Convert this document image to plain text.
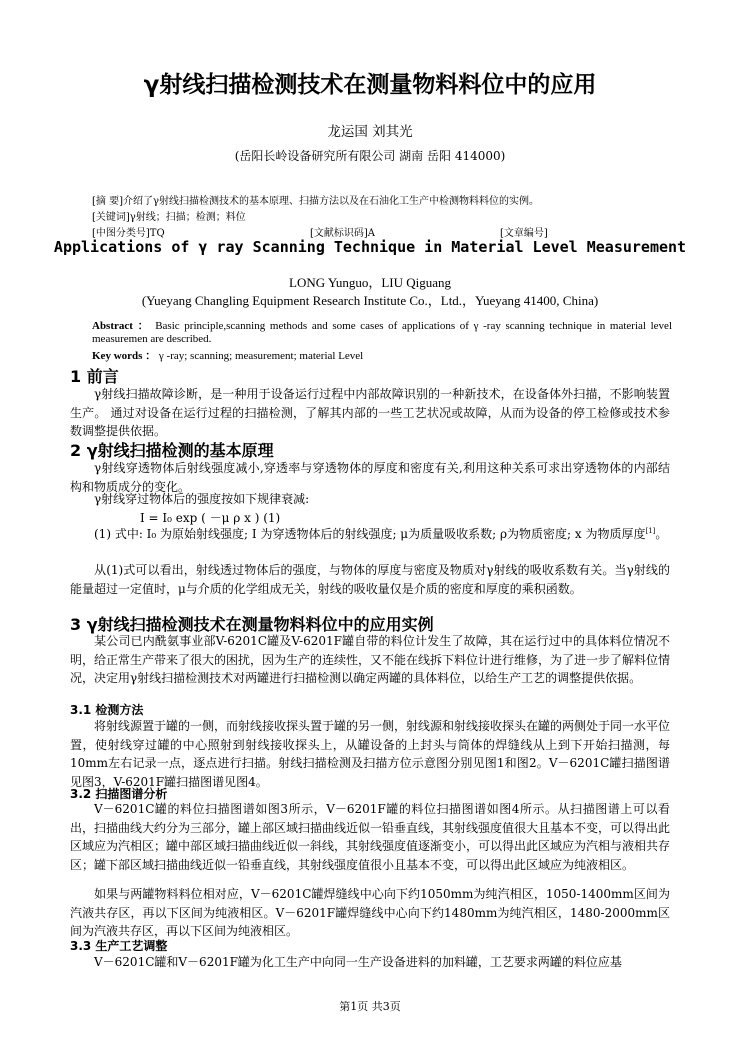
γ射线扫描检测技术在测量物料料位中的应用
龙运国 刘其光
(岳阳长岭设备研究所有限公司 湖南 岳阳 414000)
[摘 要]介绍了γ射线扫描检测技术的基本原理、扫描方法以及在石油化工生产中检测物料料位的实例。
[关键词]γ射线；扫描；检测；料位
[中图分类号]TQ	[文献标识码]A	[文章编号]
Applications of γ ray Scanning Technique in Material Level Measurement
LONG Yunguo，LIU Qiguang
(Yueyang Changling Equipment Research Institute Co.，Ltd.，Yueyang 41400, China)
Abstract ： Basic principle,scanning methods and some cases of applications of γ -ray scanning technique in material level measuremen are described.
Key words ： γ -ray; scanning; measurement; material Level
1 前言
γ射线扫描故障诊断，是一种用于设备运行过程中内部故障识别的一种新技术，在设备体外扫描，不影响装置生产。 通过对设备在运行过程的扫描检测，了解其内部的一些工艺状况或故障，从而为设备的停工检修或技术参数调整提供依据。
2 γ射线扫描检测的基本原理
γ射线穿透物体后射线强度减小,穿透率与穿透物体的厚度和密度有关,利用这种关系可求出穿透物体的内部结构和物质成分的变化。
γ射线穿过物体后的强度按如下规律衰减:
I = I₀ exp ( －μ ρ x ) (1)
(1) 式中: I₀ 为原始射线强度; I 为穿透物体后的射线强度; μ为质量吸收系数; ρ为物质密度; x 为物质厚度[1]。
从(1)式可以看出，射线透过物体后的强度，与物体的厚度与密度及物质对γ射线的吸收系数有关。当γ射线的能量超过一定值时，μ与介质的化学组成无关，射线的吸收量仅是介质的密度和厚度的乘积函数。
3 γ射线扫描检测技术在测量物料料位中的应用实例
某公司已内酰氨事业部V-6201C罐及V-6201F罐自带的料位计发生了故障，其在运行过中的具体料位情况不明，给正常生产带来了很大的困扰，因为生产的连续性，又不能在线拆下料位计进行维修，为了进一步了解料位情况，决定用γ射线扫描检测技术对两罐进行扫描检测以确定两罐的具体料位，以给生产工艺的调整提供依据。
3.1 检测方法
将射线源置于罐的一侧，而射线接收探头置于罐的另一侧，射线源和射线接收探头在罐的两侧处于同一水平位置，使射线穿过罐的中心照射到射线接收探头上，从罐设备的上封头与筒体的焊缝线从上到下开始扫描测，每10mm左右记录一点，逐点进行扫描。射线扫描检测及扫描方位示意图分别见图1和图2。V－6201C罐扫描图谱见图3，V-6201F罐扫描图谱见图4。
3.2 扫描图谱分析
V－6201C罐的料位扫描图谱如图3所示，V－6201F罐的料位扫描图谱如图4所示。从扫描图谱上可以看出，扫描曲线大约分为三部分，罐上部区域扫描曲线近似一铅垂直线，其射线强度值很大且基本不变，可以得出此区域应为汽相区；罐中部区域扫描曲线近似一斜线，其射线强度值逐渐变小，可以得出此区域应为汽相与液相共存区；罐下部区域扫描曲线近似一铅垂直线，其射线强度值很小且基本不变，可以得出此区域应为纯液相区。
如果与两罐物料料位相对应，V－6201C罐焊缝线中心向下约1050mm为纯汽相区，1050-1400mm区间为汽液共存区，再以下区间为纯液相区。V－6201F罐焊缝线中心向下约1480mm为纯汽相区，1480-2000mm区间为汽液共存区，再以下区间为纯液相区。
3.3 生产工艺调整
V－6201C罐和V－6201F罐为化工生产中向同一生产设备进料的加料罐，工艺要求两罐的料位应基
第1页 共3页
